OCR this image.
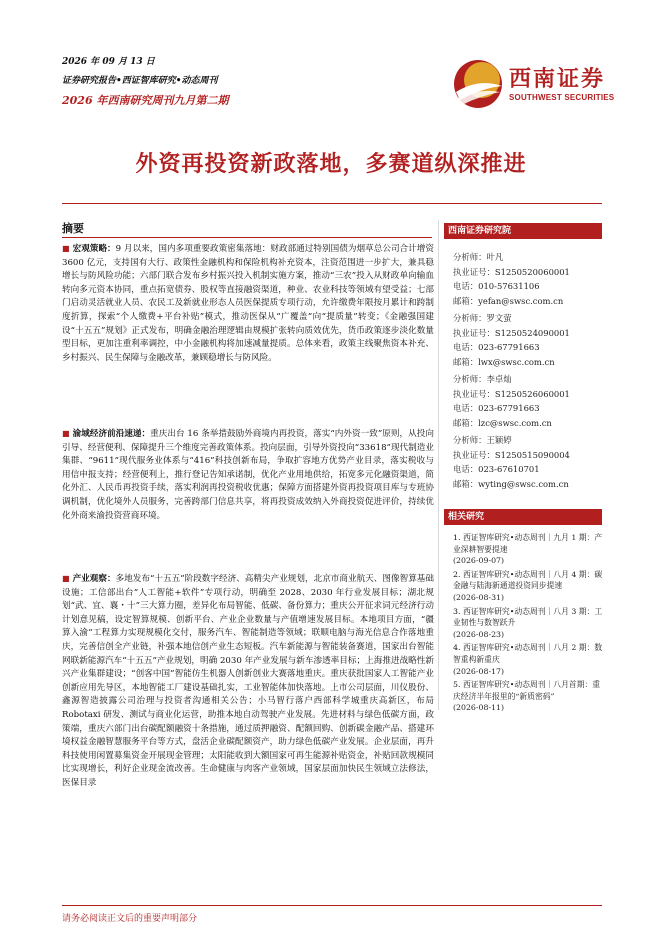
2026 年 09 月 13 日
证券研究报告•西证智库研究•动态周刊
2026 年西南研究周刊九月第二期
西南证券
SOUTHWEST SECURITIES
外资再投资新政落地，多赛道纵深推进
摘要
■ 宏观策略：9 月以来，国内多项重要政策密集落地：财政部通过特别国债为烟草总公司合计增资 3600 亿元，支持国有大行、政策性金融机构和保险机构补充资本，注资范围进一步扩大，兼具稳增长与防风险功能；六部门联合发布乡村振兴投入机制实施方案，推动“三农”投入从财政单向输血转向多元资本协同，重点拓宽债券、股权等直接融资渠道，种业、农业科技等领域有望受益；七部门启动灵活就业人员、农民工及新就业形态人员医保提质专项行动，允许缴费年限按月累计和跨制度折算，探索“个人缴费+平台补贴”模式，推动医保从“广覆盖”向“提质量”转变；《金融强国建设“十五五”规划》正式发布，明确金融治理逻辑由规模扩张转向质效优先，货币政策逐步淡化数量型目标，更加注重利率调控，中小金融机构将加速减量提质。总体来看，政策主线聚焦资本补充、乡村振兴、民生保障与金融改革，兼顾稳增长与防风险。
■ 渝域经济前沿速递：重庆出台 16 条举措鼓励外商境内再投资，落实“内外资一致”原则，从投向引导、经营便利、保障提升三个维度完善政策体系。投向层面，引导外资投向“33618”现代制造业集群、“9611”现代服务业体系与“416”科技创新布局，争取扩容地方优势产业目录，落实税收与用信申报支持；经营便利上，推行登记告知承诺制，优化产业用地供给，拓宽多元化融资渠道，简化外汇、人民币再投资手续，落实利润再投资税收优惠；保障方面搭建外资再投资项目库与专班协调机制，优化境外人员服务，完善跨部门信息共享，将再投资成效纳入外商投资促进评价，持续优化外商来渝投资营商环境。
■ 产业观察：多地发布“十五五”阶段数字经济、高精尖产业规划，北京市商业航天、图像智算基础设施；工信部出台“人工智能+软件”专项行动，明确至 2028、2030 年行业发展目标；湖北规划“武、宜、襄・十”三大算力圈，差异化布局智能、低碳、备份算力；重庆公开征求词元经济行动计划意见稿，设定智算规模、创新平台、产业企业数量与产值增速发展目标。本地项目方面，“疆算入渝”工程算力实现规模化交付，服务汽车、智能制造等领域；联顺电脑与海光信息合作落地重庆，完善信创全产业链，补强本地信创产业生态短板。汽车新能源与智能装备赛道，国家出台智能网联新能源汽车“十五五”产业规划，明确 2030 年产业发展与新车渗透率目标；上海推进战略性新兴产业集群建设；“创客中国”智能仿生机器人创新创业大赛落地重庆。重庆获批国家人工智能产业创新应用先导区，本地智能工厂建设基础扎实，工业智能体加快落地。上市公司层面，川仪股份、鑫源智造披露公司治理与投资者沟通相关公告；小马智行落户西部科学城重庆高新区，布局 Robotaxi 研发、测试与商业化运营，助推本地自动驾驶产业发展。先进材料与绿色低碳方面，政策端，重庆六部门出台碳配额融资十条措施，通过质押融资、配额回购、创新碳金融产品、搭建环境权益金融智慧服务平台等方式，盘活企业碳配额资产，助力绿色低碳产业发展。企业层面，再升科技使用闲置募集资金开展现金管理；太阳能收到大额国家可再生能源补贴资金，补贴回款规模同比实现增长，利好企业现金流改善。生命健康与肉客产业领域，国家层面加快民生领域立法修法，医保目录
西南证券研究院
分析师：叶凡
执业证号：S1250520060001
电话：010-57631106
邮箱：yefan@swsc.com.cn
分析师：罗文萤
执业证号：S1250524090001
电话：023-67791663
邮箱：lwx@swsc.com.cn
分析师：李卓灿
执业证号：S1250526060001
电话：023-67791663
邮箱：lzc@swsc.com.cn
分析师：王颖婷
执业证号：S1250515090004
电话：023-67610701
邮箱：wyting@swsc.com.cn
相关研究
1. 西证智库研究•动态周刊｜九月 1 期：产业深耕智要提速
(2026-09-07)
2. 西证智库研究•动态周刊｜八月 4 期：碳金融与陆海新通道投资同步提速
(2026-08-31)
3. 西证智库研究•动态周刊｜八月 3 期：工业韧性与数智跃升
(2026-08-23)
4. 西证智库研究•动态周刊｜八月 2 期：数智重构新重庆
(2026-08-17)
5. 西证智库研究•动态周刊｜八月首期：重庆经济半年报里的“新质密码”
(2026-08-11)
请务必阅读正文后的重要声明部分
